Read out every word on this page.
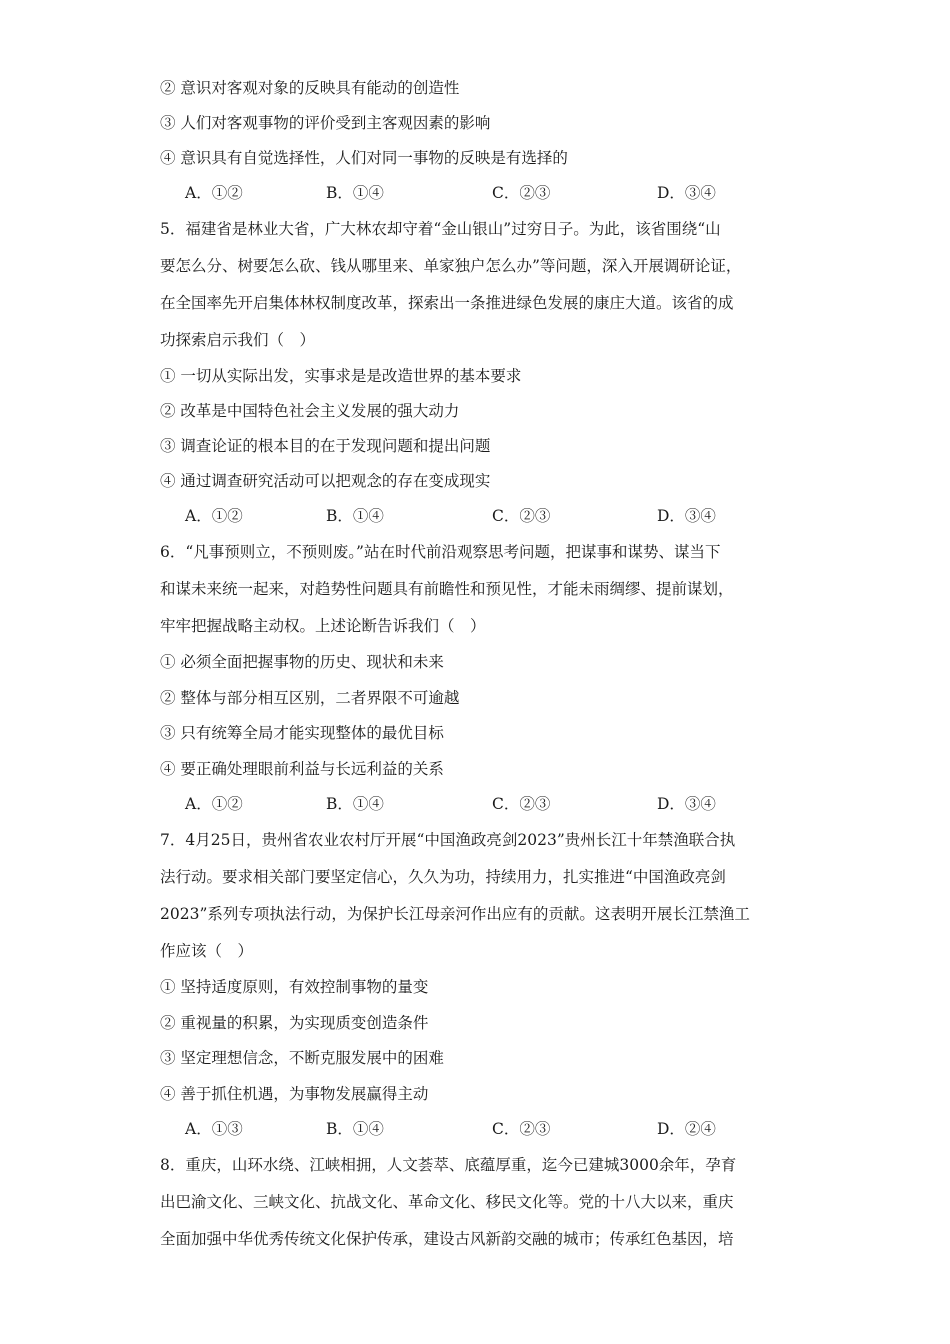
② 意识对客观对象的反映具有能动的创造性
③ 人们对客观事物的评价受到主客观因素的影响
④ 意识具有自觉选择性，人们对同一事物的反映是有选择的
A．①②	B．①④	C．②③	D．③④
5．福建省是林业大省，广大林农却守着“金山银山”过穷日子。为此，该省围绕“山
要怎么分、树要怎么砍、钱从哪里来、单家独户怎么办”等问题，深入开展调研论证，
在全国率先开启集体林权制度改革，探索出一条推进绿色发展的康庄大道。该省的成
功探索启示我们（　）
① 一切从实际出发，实事求是是改造世界的基本要求
② 改革是中国特色社会主义发展的强大动力
③ 调查论证的根本目的在于发现问题和提出问题
④ 通过调查研究活动可以把观念的存在变成现实
A．①②	B．①④	C．②③	D．③④
6．“凡事预则立，不预则废。”站在时代前沿观察思考问题，把谋事和谋势、谋当下
和谋未来统一起来，对趋势性问题具有前瞻性和预见性，才能未雨绸缪、提前谋划，
牢牢把握战略主动权。上述论断告诉我们（　）
① 必须全面把握事物的历史、现状和未来
② 整体与部分相互区别，二者界限不可逾越
③ 只有统筹全局才能实现整体的最优目标
④ 要正确处理眼前利益与长远利益的关系
A．①②	B．①④	C．②③	D．③④
7．4月25日，贵州省农业农村厅开展“中国渔政亮剑2023”贵州长江十年禁渔联合执
法行动。要求相关部门要坚定信心，久久为功，持续用力，扎实推进“中国渔政亮剑
2023”系列专项执法行动，为保护长江母亲河作出应有的贡献。这表明开展长江禁渔工
作应该（　）
① 坚持适度原则，有效控制事物的量变
② 重视量的积累，为实现质变创造条件
③ 坚定理想信念，不断克服发展中的困难
④ 善于抓住机遇，为事物发展赢得主动
A．①③	B．①④	C．②③	D．②④
8．重庆，山环水绕、江峡相拥，人文荟萃、底蕴厚重，迄今已建城3000余年，孕育
出巴渝文化、三峡文化、抗战文化、革命文化、移民文化等。党的十八大以来，重庆
全面加强中华优秀传统文化保护传承，建设古风新韵交融的城市；传承红色基因，培
